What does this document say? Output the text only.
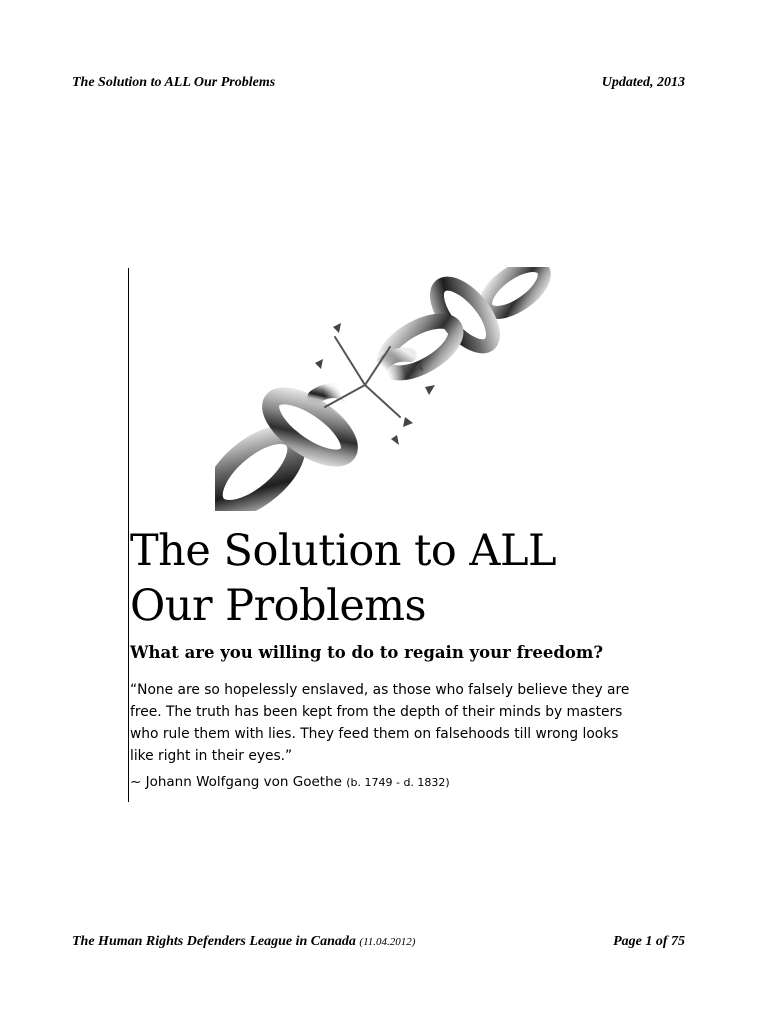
The Solution to ALL Our Problems	Updated, 2013
The Solution to ALL
Our Problems
What are you willing to do to regain your freedom?

“None are so hopelessly enslaved, as those who falsely believe they are free. The truth has been kept from the depth of their minds by masters who rule them with lies. They feed them on falsehoods till wrong looks like right in their eyes.”

~ Johann Wolfgang von Goethe (b. 1749 - d. 1832)
The Human Rights Defenders League in Canada (11.04.2012)	Page 1 of 75
